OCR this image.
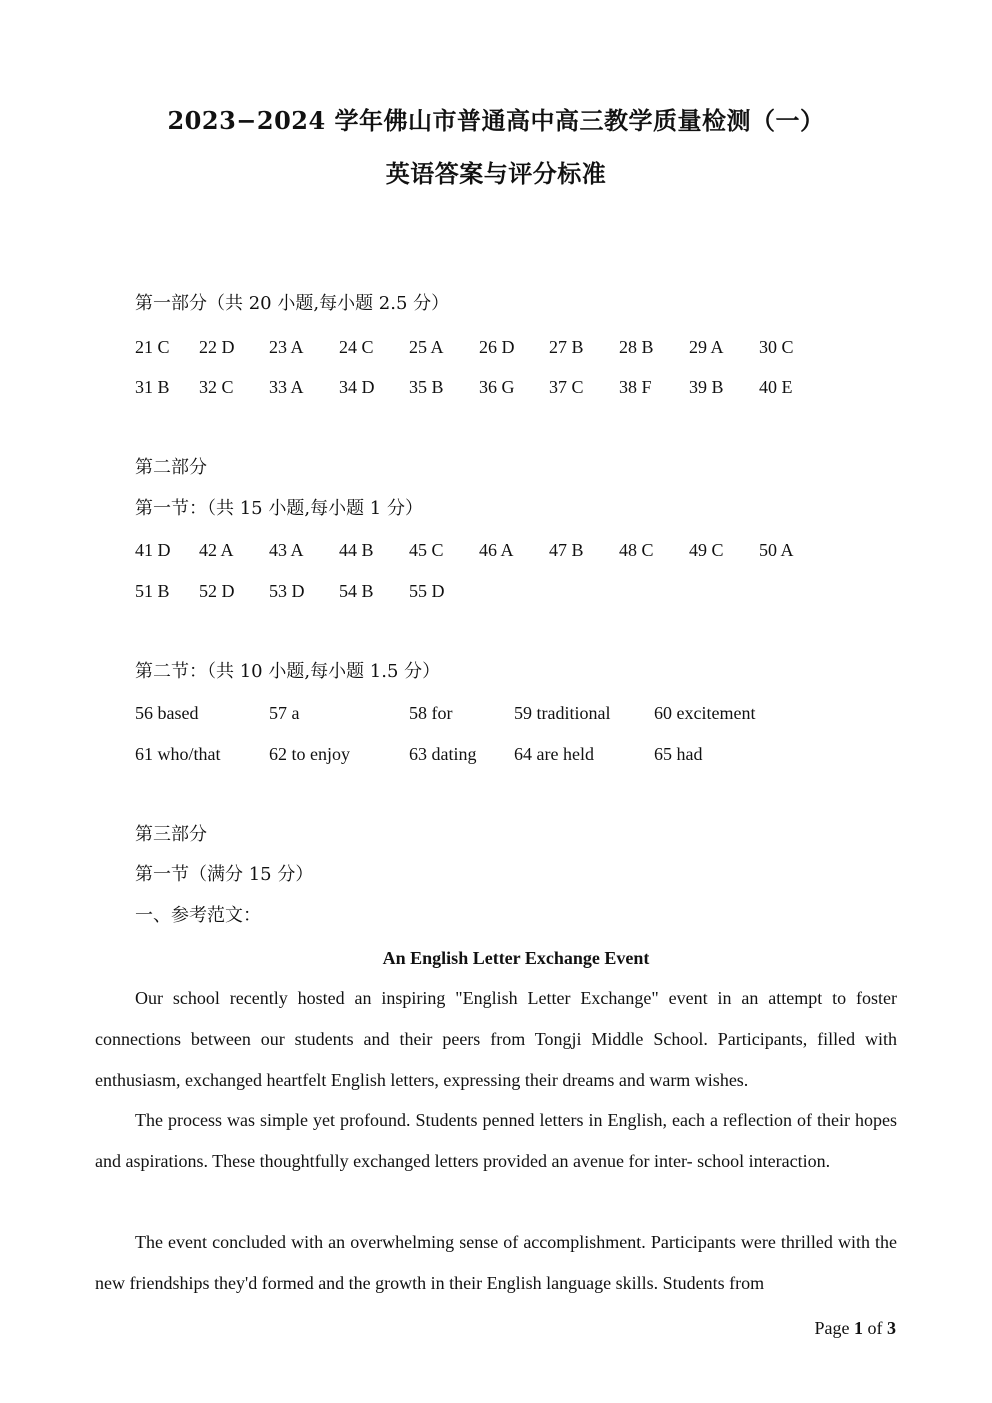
2023−2024 学年佛山市普通高中高三教学质量检测（一）
英语答案与评分标准
第一部分（共 20 小题,每小题 2.5 分）
21 C 22 D 23 A 24 C 25 A 26 D 27 B 28 B 29 A 30 C
31 B 32 C 33 A 34 D 35 B 36 G 37 C 38 F 39 B 40 E
第二部分
第一节：（共 15 小题,每小题 1 分）
41 D 42 A 43 A 44 B 45 C 46 A 47 B 48 C 49 C 50 A
51 B 52 D 53 D 54 B 55 D
第二节：（共 10 小题,每小题 1.5 分）
56 based	57 a	58 for	59 traditional 60 excitement
61 who/that	62 to enjoy	63 dating 64 are held	65 had
第三部分
第一节（满分 15 分）
一、参考范文：
An English Letter Exchange Event

Our school recently hosted an inspiring "English Letter Exchange" event in an attempt to foster connections between our students and their peers from Tongji Middle School. Participants, filled with enthusiasm, exchanged heartfelt English letters, expressing their dreams and warm wishes.

The process was simple yet profound. Students penned letters in English, each a reflection of their hopes and aspirations. These thoughtfully exchanged letters provided an avenue for inter- school interaction.

The event concluded with an overwhelming sense of accomplishment. Participants were thrilled with the new friendships they'd formed and the growth in their English language skills. Students from

Page 1 of 3
